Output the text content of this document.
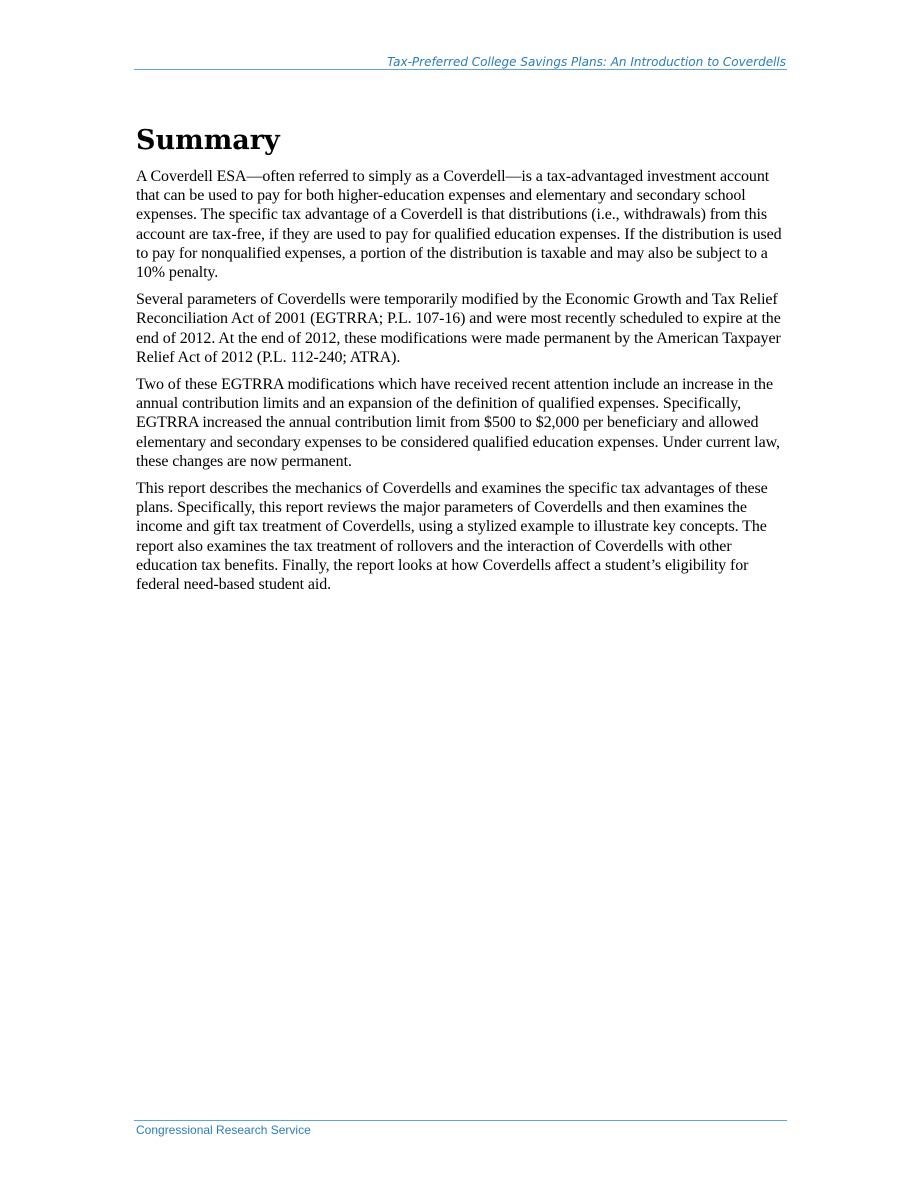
Tax-Preferred College Savings Plans: An Introduction to Coverdells
Summary

A Coverdell ESA—often referred to simply as a Coverdell—is a tax-advantaged investment account that can be used to pay for both higher-education expenses and elementary and secondary school expenses. The specific tax advantage of a Coverdell is that distributions (i.e., withdrawals) from this account are tax-free, if they are used to pay for qualified education expenses. If the distribution is used to pay for nonqualified expenses, a portion of the distribution is taxable and may also be subject to a 10% penalty.

Several parameters of Coverdells were temporarily modified by the Economic Growth and Tax Relief Reconciliation Act of 2001 (EGTRRA; P.L. 107-16) and were most recently scheduled to expire at the end of 2012. At the end of 2012, these modifications were made permanent by the American Taxpayer Relief Act of 2012 (P.L. 112-240; ATRA).

Two of these EGTRRA modifications which have received recent attention include an increase in the annual contribution limits and an expansion of the definition of qualified expenses. Specifically, EGTRRA increased the annual contribution limit from $500 to $2,000 per beneficiary and allowed elementary and secondary expenses to be considered qualified education expenses. Under current law, these changes are now permanent.

This report describes the mechanics of Coverdells and examines the specific tax advantages of these plans. Specifically, this report reviews the major parameters of Coverdells and then examines the income and gift tax treatment of Coverdells, using a stylized example to illustrate key concepts. The report also examines the tax treatment of rollovers and the interaction of Coverdells with other education tax benefits. Finally, the report looks at how Coverdells affect a student’s eligibility for federal need-based student aid.

Congressional Research Service
